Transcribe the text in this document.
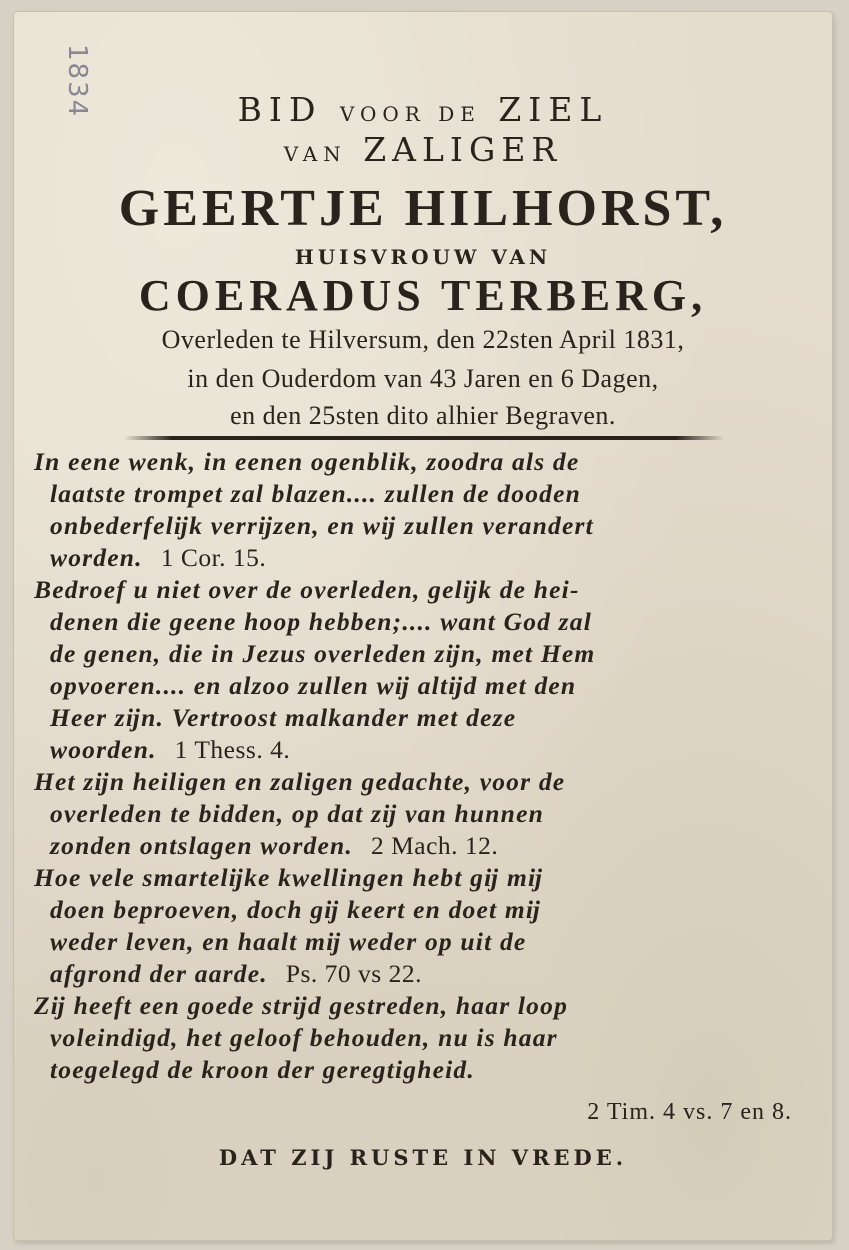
1834	BID VOOR DE ZIEL
VAN ZALIGER
GEERTJE HILHORST,
HUISVROUW VAN
COERADUS TERBERG,
Overleden te Hilversum, den 22sten April 1831,
in den Ouderdom van 43 Jaren en 6 Dagen,
en den 25sten dito alhier Begraven.
In eene wenk, in eenen ogenblik, zoodra als de
laatste trompet zal blazen.... zullen de dooden
onbederfelĳk verrĳzen, en wĳ zullen verandert
worden. 1 Cor. 15.
Bedroef u niet over de overleden, gelĳk de hei-
denen die geene hoop hebben;.... want God zal
de genen, die in Jezus overleden zĳn, met Hem
opvoeren.... en alzoo zullen wĳ altĳd met den
Heer zĳn. Vertroost malkander met deze
woorden. 1 Thess. 4.
Het zĳn heiligen en zaligen gedachte, voor de
overleden te bidden, op dat zĳ van hunnen
zonden ontslagen worden. 2 Mach. 12.
Hoe vele smartelĳke kwellingen hebt gĳ mĳ
doen beproeven, doch gĳ keert en doet mĳ
weder leven, en haalt mĳ weder op uit de
afgrond der aarde. Ps. 70 vs 22.
Zĳ heeft een goede strĳd gestreden, haar loop
voleindigd, het geloof behouden, nu is haar
toegelegd de kroon der geregtigheid.
2 Tim. 4 vs. 7 en 8.
DAT ZIJ RUSTE IN VREDE.
